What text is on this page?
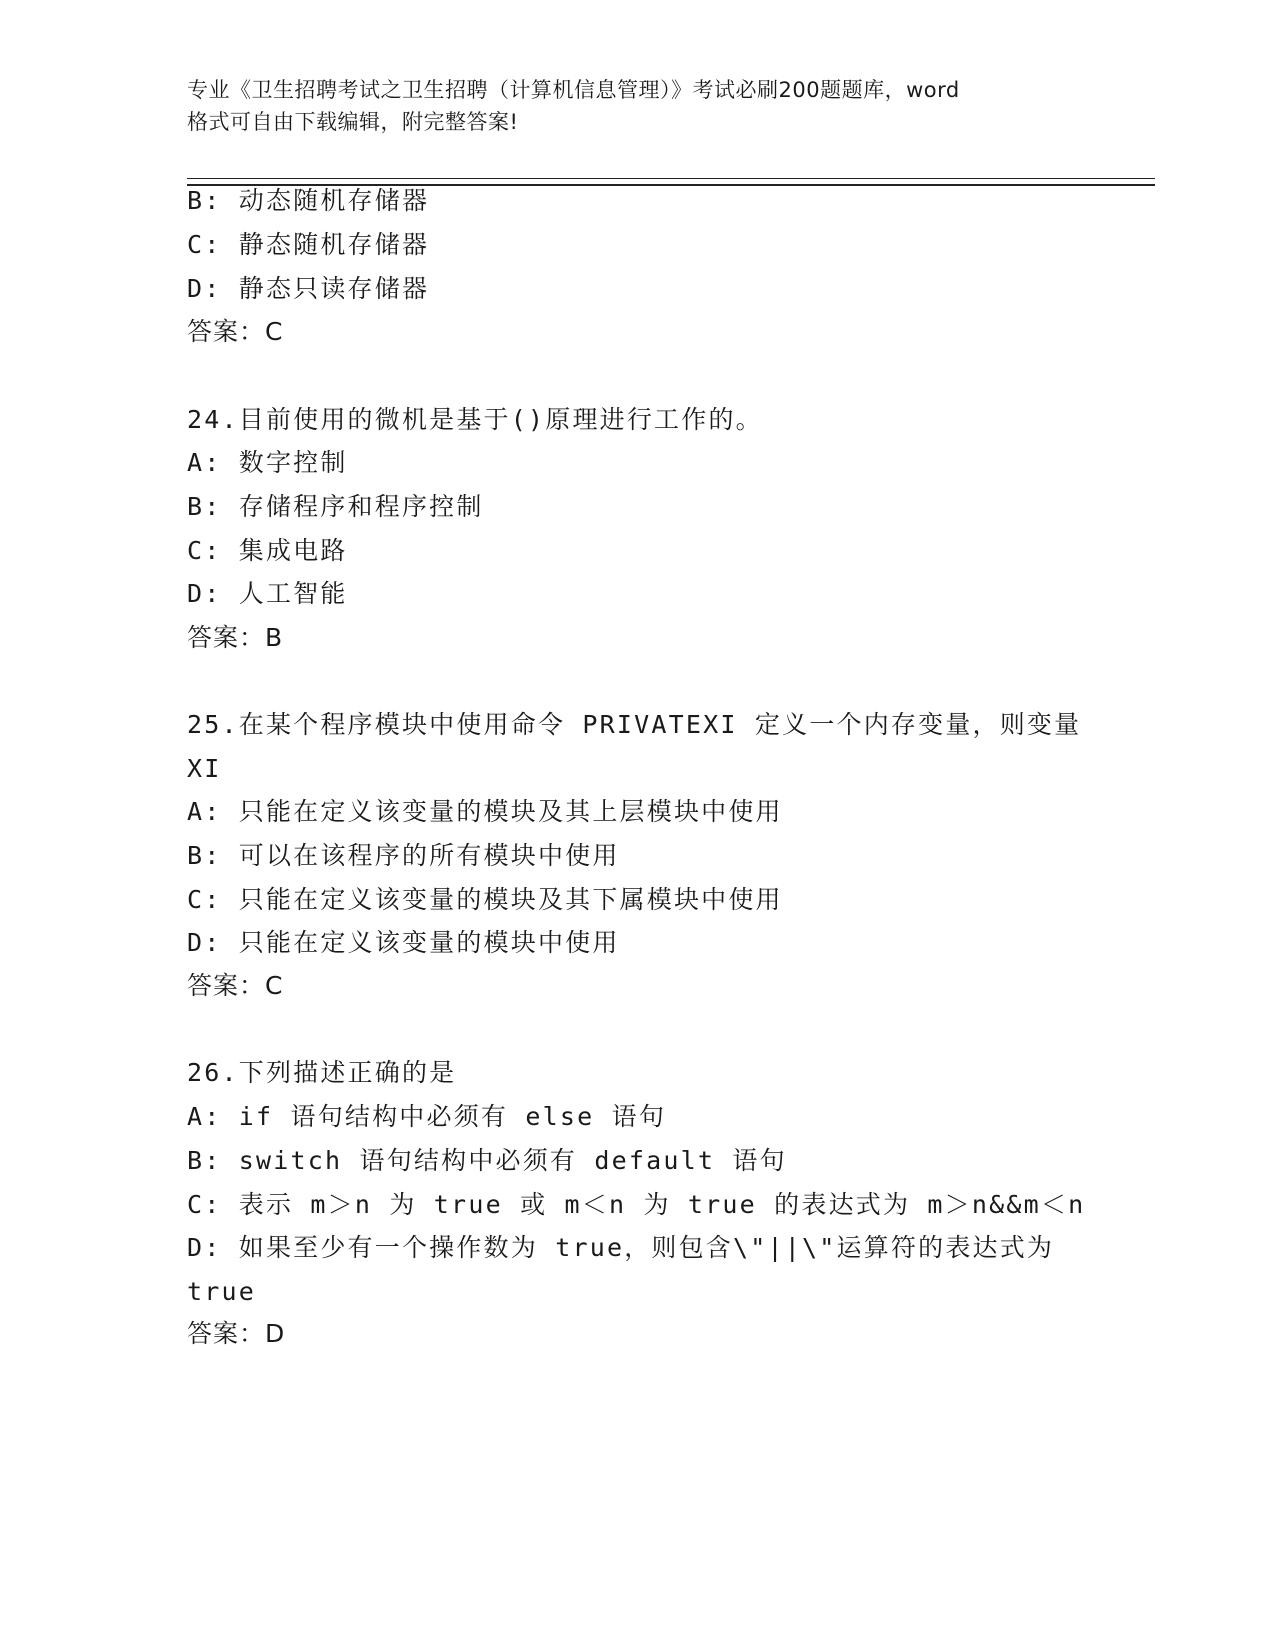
专业《卫生招聘考试之卫生招聘（计算机信息管理）》考试必刷200题题库，word
格式可自由下载编辑，附完整答案!
B: 动态随机存储器
C: 静态随机存储器
D: 静态只读存储器
答案：C
24.目前使用的微机是基于()原理进行工作的。
A: 数字控制
B: 存储程序和程序控制
C: 集成电路
D: 人工智能
答案：B
25.在某个程序模块中使用命令 PRIVATEXI 定义一个内存变量，则变量
XI
A: 只能在定义该变量的模块及其上层模块中使用
B: 可以在该程序的所有模块中使用
C: 只能在定义该变量的模块及其下属模块中使用
D: 只能在定义该变量的模块中使用
答案：C
26.下列描述正确的是
A: if 语句结构中必须有 else 语句
B: switch 语句结构中必须有 default 语句
C: 表示 m＞n 为 true 或 m＜n 为 true 的表达式为 m＞n&&m＜n
D: 如果至少有一个操作数为 true，则包含\"||\"运算符的表达式为
true
答案：D
